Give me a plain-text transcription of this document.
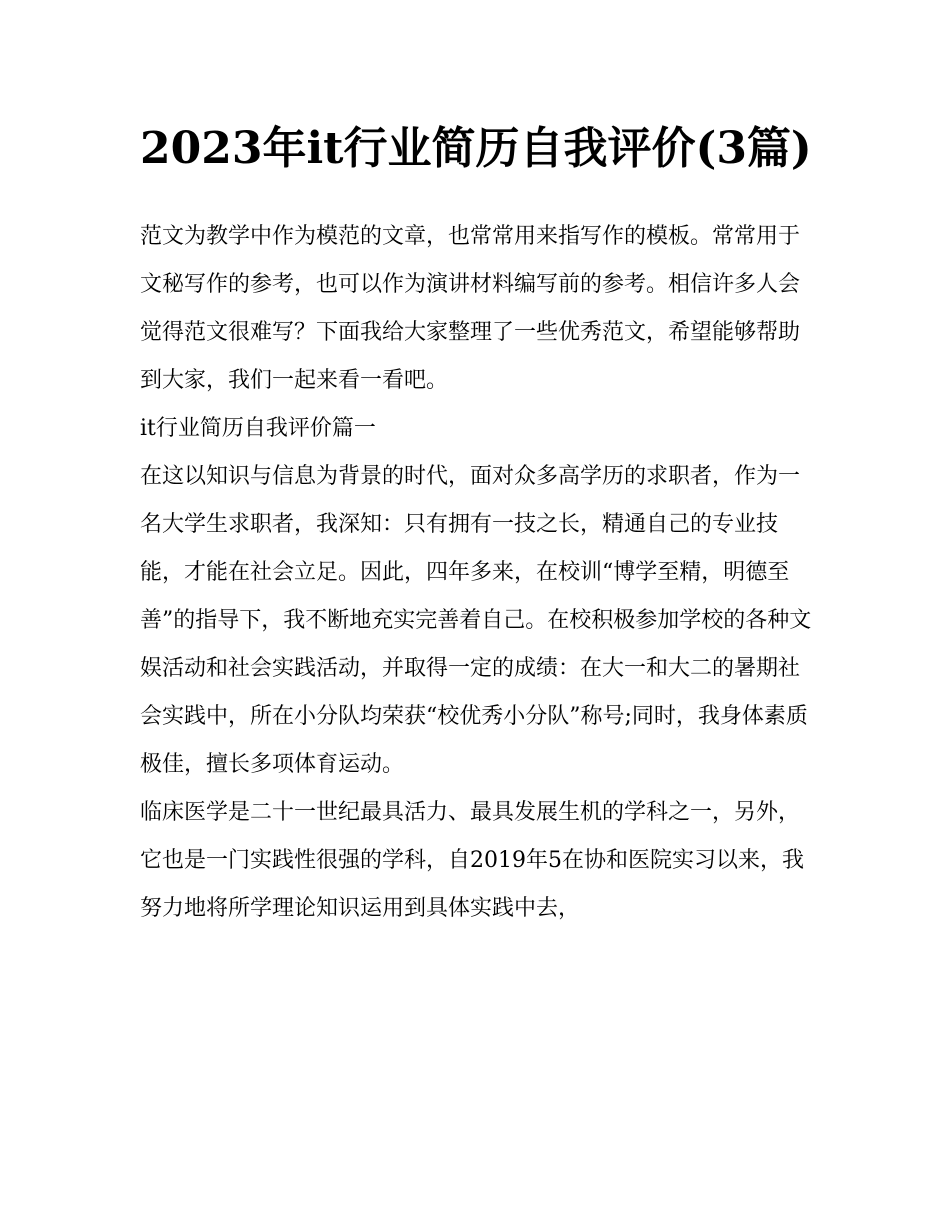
2023年it行业简历自我评价(3篇)

范文为教学中作为模范的文章，也常常用来指写作的模板。常常用于文秘写作的参考，也可以作为演讲材料编写前的参考。相信许多人会觉得范文很难写？下面我给大家整理了一些优秀范文，希望能够帮助到大家，我们一起来看一看吧。

it行业简历自我评价篇一

在这以知识与信息为背景的时代，面对众多高学历的求职者，作为一名大学生求职者，我深知：只有拥有一技之长，精通自己的专业技能，才能在社会立足。因此，四年多来，在校训“博学至精，明德至善”的指导下，我不断地充实完善着自己。在校积极参加学校的各种文娱活动和社会实践活动，并取得一定的成绩：在大一和大二的暑期社会实践中，所在小分队均荣获“校优秀小分队”称号;同时，我身体素质极佳，擅长多项体育运动。

临床医学是二十一世纪最具活力、最具发展生机的学科之一，另外，它也是一门实践性很强的学科，自2019年5在协和医院实习以来，我努力地将所学理论知识运用到具体实践中去，
